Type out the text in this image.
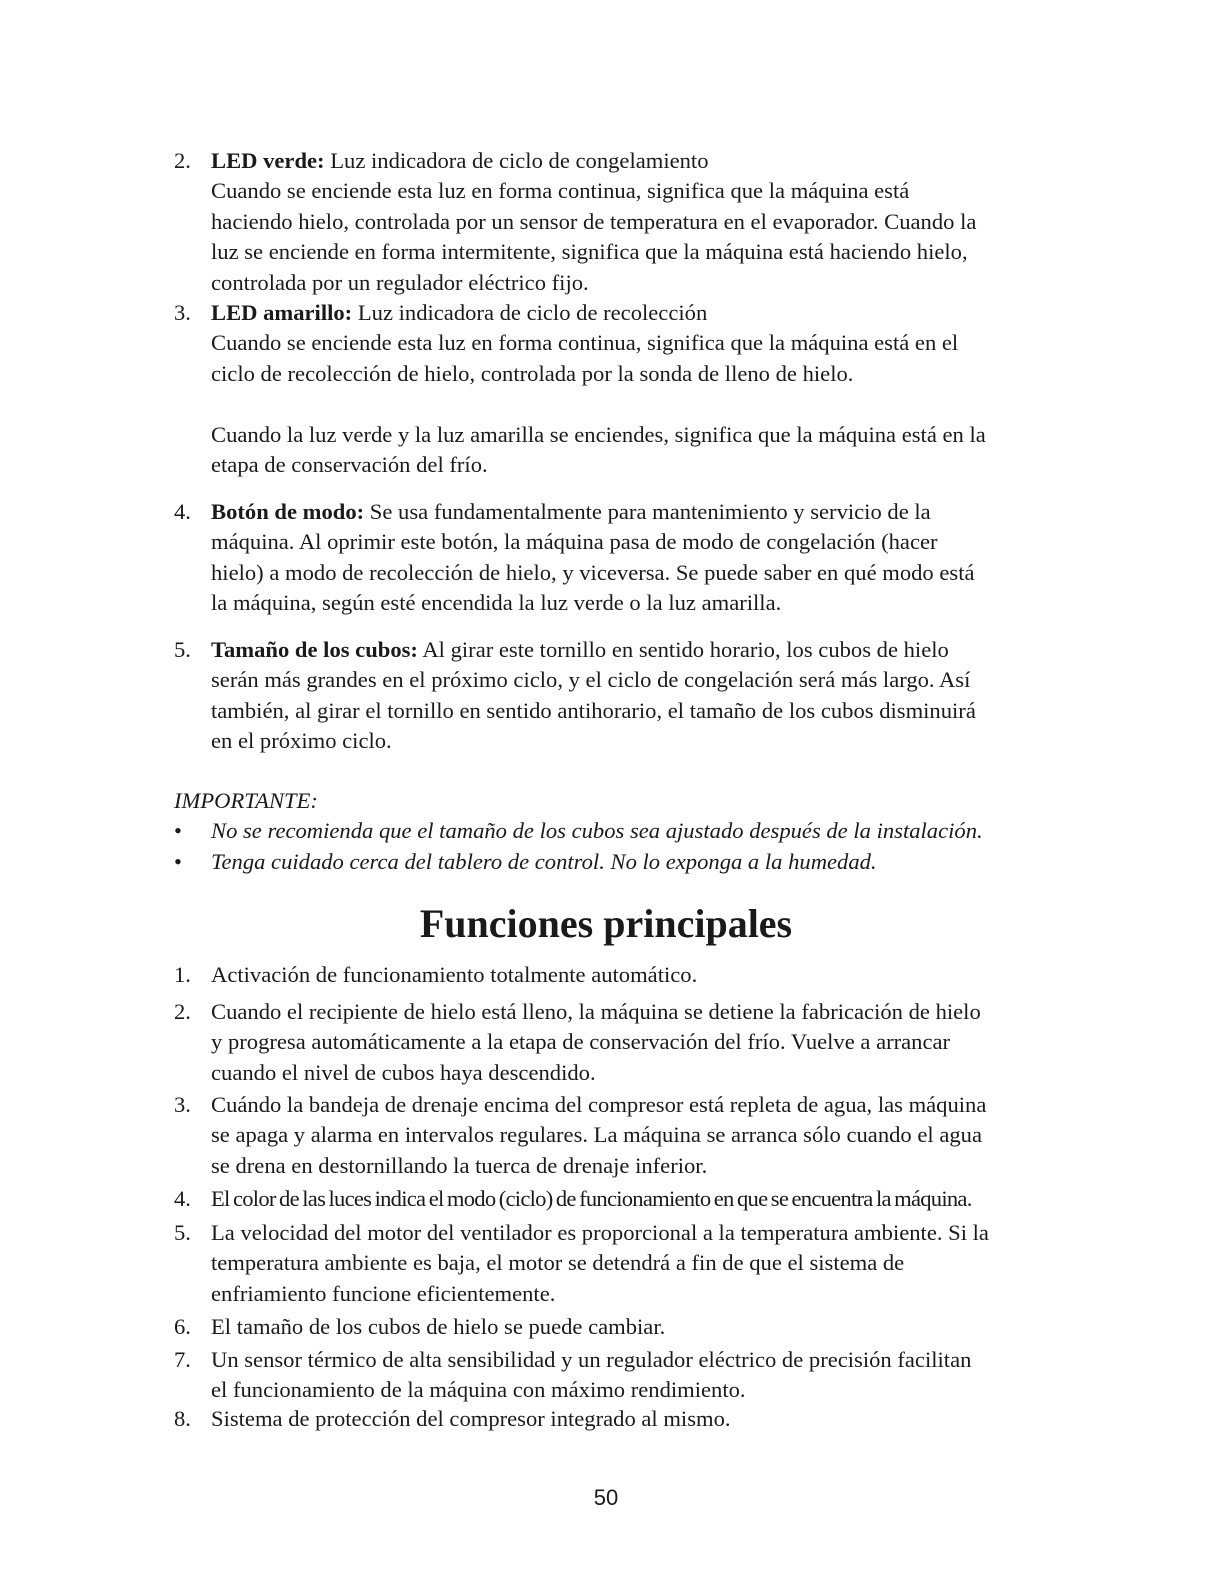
2. LED verde: Luz indicadora de ciclo de congelamiento

Cuando se enciende esta luz en forma continua, significa que la máquina está

haciendo hielo, controlada por un sensor de temperatura en el evaporador. Cuando la

luz se enciende en forma intermitente, significa que la máquina está haciendo hielo,

controlada por un regulador eléctrico fijo.

3. LED amarillo: Luz indicadora de ciclo de recolección

Cuando se enciende esta luz en forma continua, significa que la máquina está en el

ciclo de recolección de hielo, controlada por la sonda de lleno de hielo.

Cuando la luz verde y la luz amarilla se enciendes, significa que la máquina está en la

etapa de conservación del frío.

4. Botón de modo: Se usa fundamentalmente para mantenimiento y servicio de la

máquina. Al oprimir este botón, la máquina pasa de modo de congelación (hacer

hielo) a modo de recolección de hielo, y viceversa. Se puede saber en qué modo está

la máquina, según esté encendida la luz verde o la luz amarilla.

5. Tamaño de los cubos: Al girar este tornillo en sentido horario, los cubos de hielo

serán más grandes en el próximo ciclo, y el ciclo de congelación será más largo. Así

también, al girar el tornillo en sentido antihorario, el tamaño de los cubos disminuirá

en el próximo ciclo.

IMPORTANTE:
• No se recomienda que el tamaño de los cubos sea ajustado después de la instalación.
• Tenga cuidado cerca del tablero de control. No lo exponga a la humedad.
Funciones principales
1. Activación de funcionamiento totalmente automático.

2. Cuando el recipiente de hielo está lleno, la máquina se detiene la fabricación de hielo

y progresa automáticamente a la etapa de conservación del frío. Vuelve a arrancar

cuando el nivel de cubos haya descendido.

3. Cuándo la bandeja de drenaje encima del compresor está repleta de agua, las máquina

se apaga y alarma en intervalos regulares. La máquina se arranca sólo cuando el agua

se drena en destornillando la tuerca de drenaje inferior.

4. El color de las luces indica el modo (ciclo) de funcionamiento en que se encuentra la máquina.

5. La velocidad del motor del ventilador es proporcional a la temperatura ambiente. Si la

temperatura ambiente es baja, el motor se detendrá a fin de que el sistema de

enfriamiento funcione eficientemente.

6. El tamaño de los cubos de hielo se puede cambiar.

7. Un sensor térmico de alta sensibilidad y un regulador eléctrico de precisión facilitan

el funcionamiento de la máquina con máximo rendimiento.

8. Sistema de protección del compresor integrado al mismo.

50
